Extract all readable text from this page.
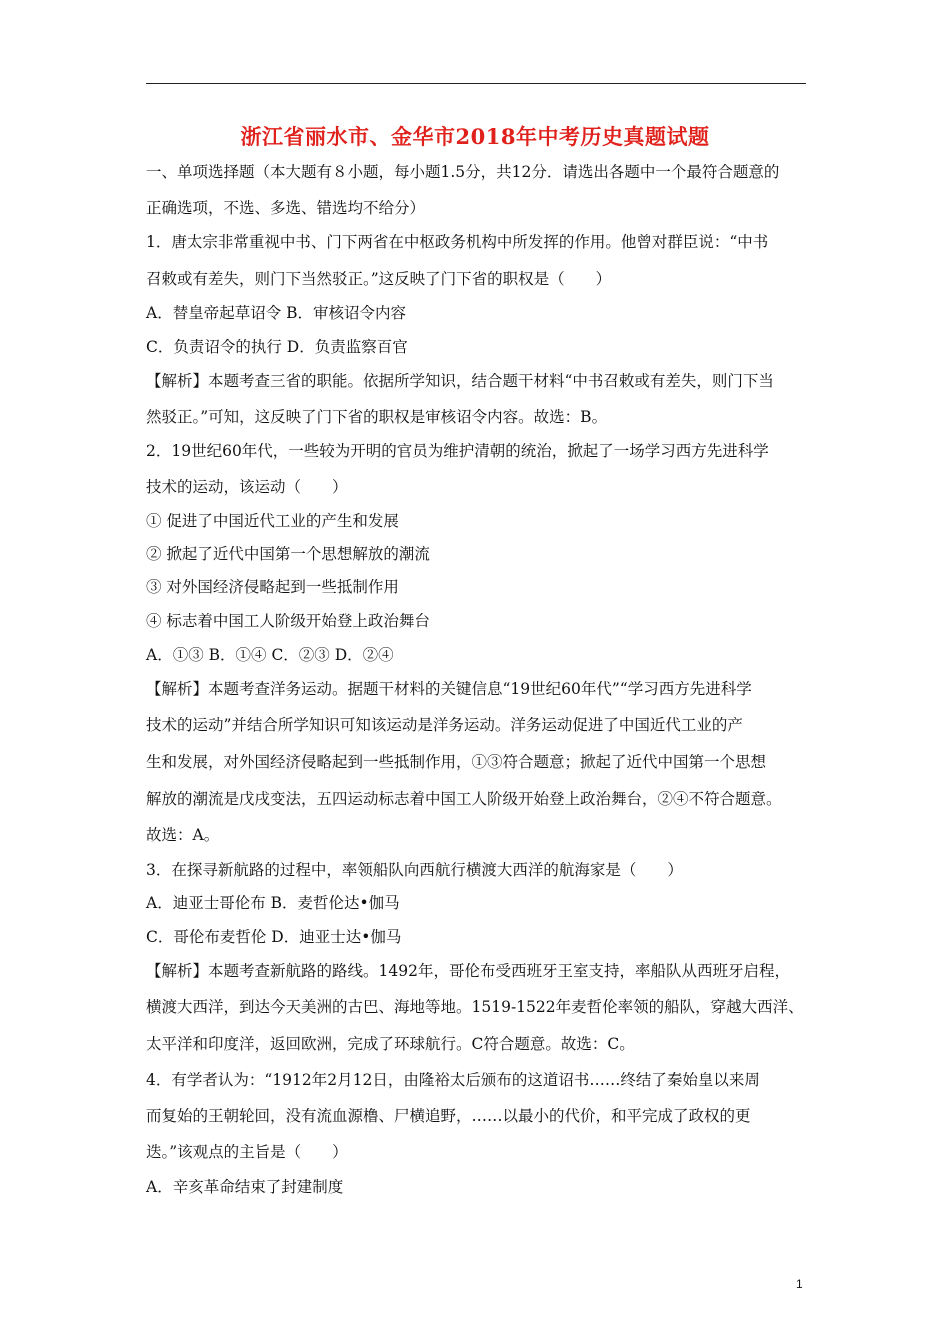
浙江省丽水市、金华市2018年中考历史真题试题
一、单项选择题（本大题有８小题，每小题1.5分，共12分．请选出各题中一个最符合题意的
正确选项，不选、多选、错选均不给分）
1．唐太宗非常重视中书、门下两省在中枢政务机构中所发挥的作用。他曾对群臣说：“中书
召敕或有差失，则门下当然驳正。”这反映了门下省的职权是（　　）
A．替皇帝起草诏令 B．审核诏令内容
C．负责诏令的执行 D．负责监察百官
【解析】本题考查三省的职能。依据所学知识，结合题干材料“中书召敕或有差失，则门下当
然驳正。”可知，这反映了门下省的职权是审核诏令内容。故选：B。
2．19世纪60年代，一些较为开明的官员为维护清朝的统治，掀起了一场学习西方先进科学
技术的运动，该运动（　　）
① 促进了中国近代工业的产生和发展
② 掀起了近代中国第一个思想解放的潮流
③ 对外国经济侵略起到一些抵制作用
④ 标志着中国工人阶级开始登上政治舞台
A．①③ B．①④ C．②③ D．②④
【解析】本题考查洋务运动。据题干材料的关键信息“19世纪60年代”“学习西方先进科学
技术的运动”并结合所学知识可知该运动是洋务运动。洋务运动促进了中国近代工业的产
生和发展，对外国经济侵略起到一些抵制作用，①③符合题意；掀起了近代中国第一个思想
解放的潮流是戊戌变法，五四运动标志着中国工人阶级开始登上政治舞台，②④不符合题意。
故选：A。
3．在探寻新航路的过程中，率领船队向西航行横渡大西洋的航海家是（　　）
A．迪亚士哥伦布 B．麦哲伦达•伽马
C．哥伦布麦哲伦 D．迪亚士达•伽马
【解析】本题考查新航路的路线。1492年，哥伦布受西班牙王室支持，率船队从西班牙启程，
横渡大西洋，到达今天美洲的古巴、海地等地。1519-1522年麦哲伦率领的船队，穿越大西洋、
太平洋和印度洋，返回欧洲，完成了环球航行。C符合题意。故选：C。
4．有学者认为：“1912年2月12日，由隆裕太后颁布的这道诏书……终结了秦始皇以来周
而复始的王朝轮回，没有流血源橹、尸横追野，……以最小的代价，和平完成了政权的更
迭。”该观点的主旨是（　　）
A．辛亥革命结束了封建制度
1
